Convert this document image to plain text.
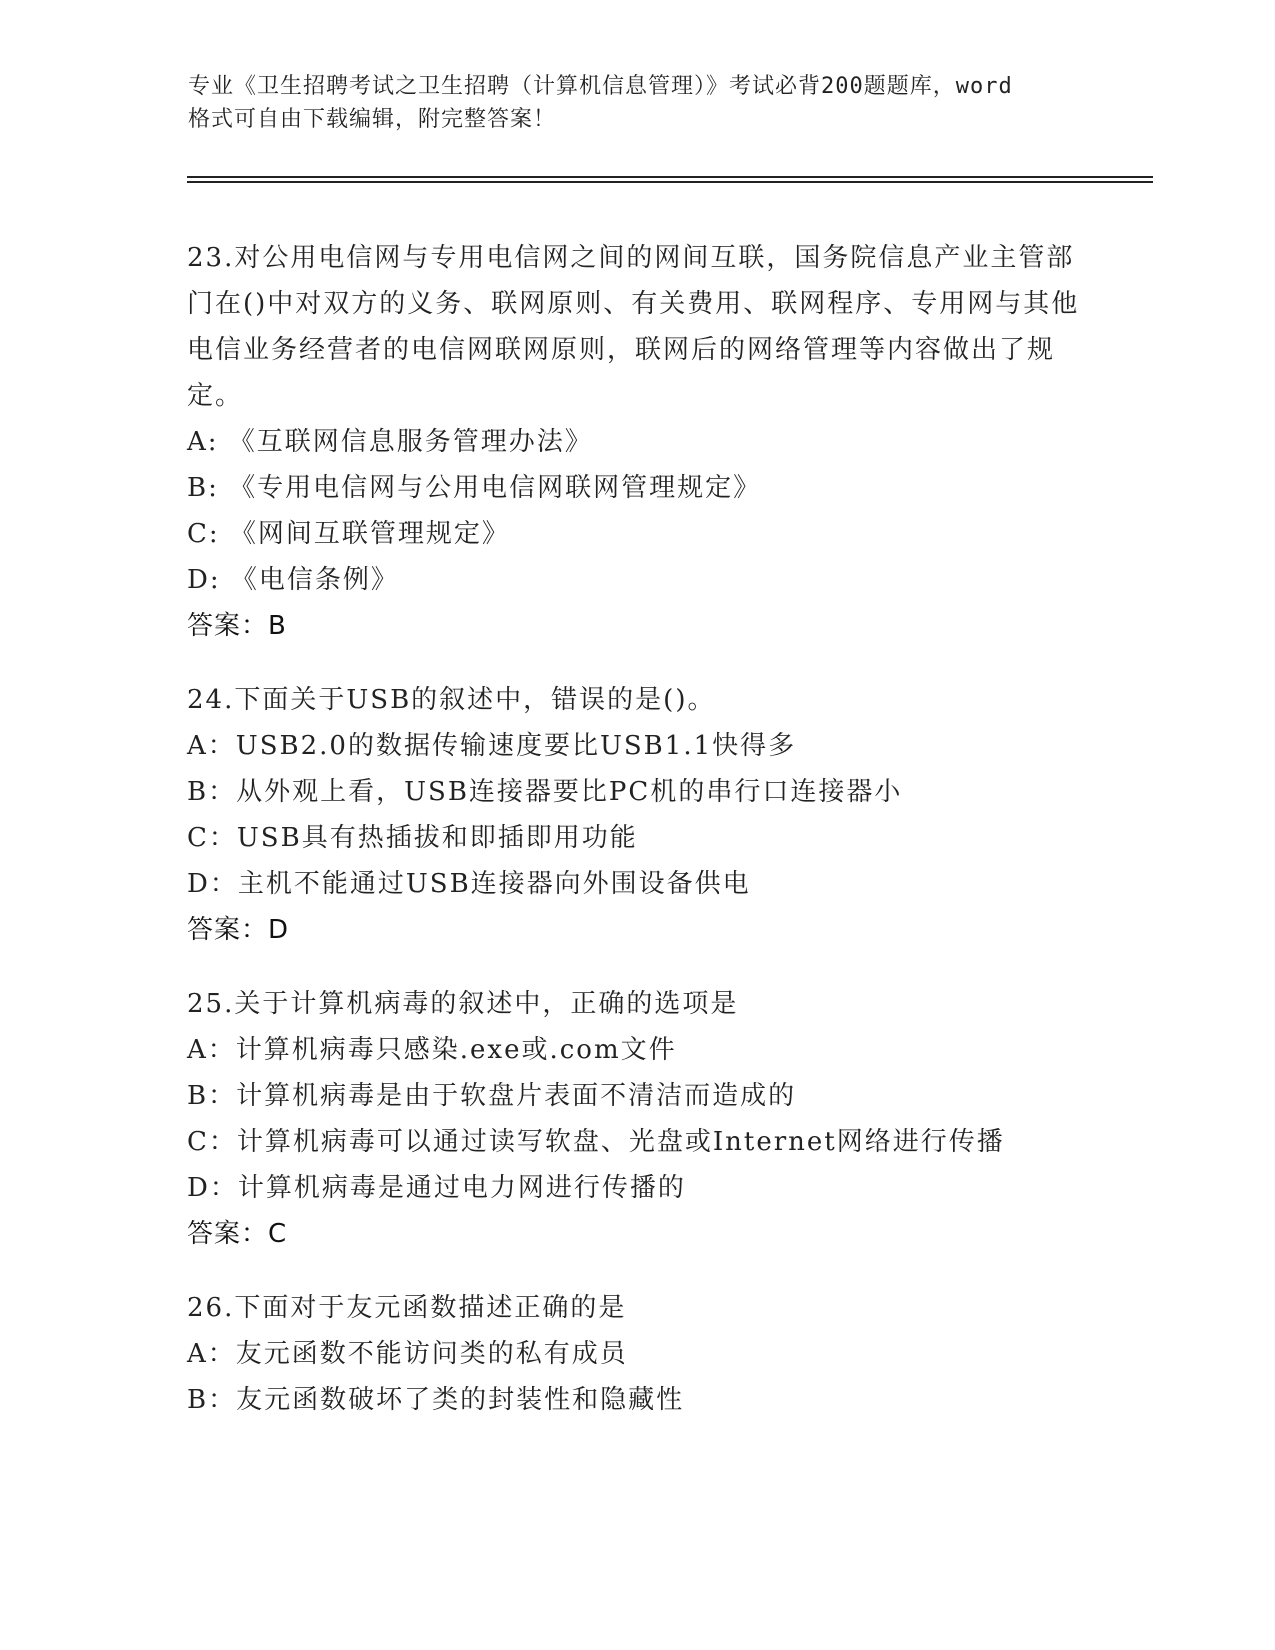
专业《卫生招聘考试之卫生招聘（计算机信息管理）》考试必背200题题库，word
格式可自由下载编辑，附完整答案！

23.对公用电信网与专用电信网之间的网间互联，国务院信息产业主管部门在()中对双方的义务、联网原则、有关费用、联网程序、专用网与其他电信业务经营者的电信网联网原则，联网后的网络管理等内容做出了规定。

A: 《互联网信息服务管理办法》

B: 《专用电信网与公用电信网联网管理规定》

C: 《网间互联管理规定》

D: 《电信条例》

答案：B

24.下面关于USB的叙述中，错误的是()。

A：USB2.0的数据传输速度要比USB1.1快得多

B：从外观上看，USB连接器要比PC机的串行口连接器小

C：USB具有热插拔和即插即用功能

D：主机不能通过USB连接器向外围设备供电

答案：D

25.关于计算机病毒的叙述中，正确的选项是

A：计算机病毒只感染.exe或.com文件

B：计算机病毒是由于软盘片表面不清洁而造成的

C：计算机病毒可以通过读写软盘、光盘或Internet网络进行传播

D：计算机病毒是通过电力网进行传播的

答案：C

26.下面对于友元函数描述正确的是

A：友元函数不能访问类的私有成员

B：友元函数破坏了类的封装性和隐藏性
